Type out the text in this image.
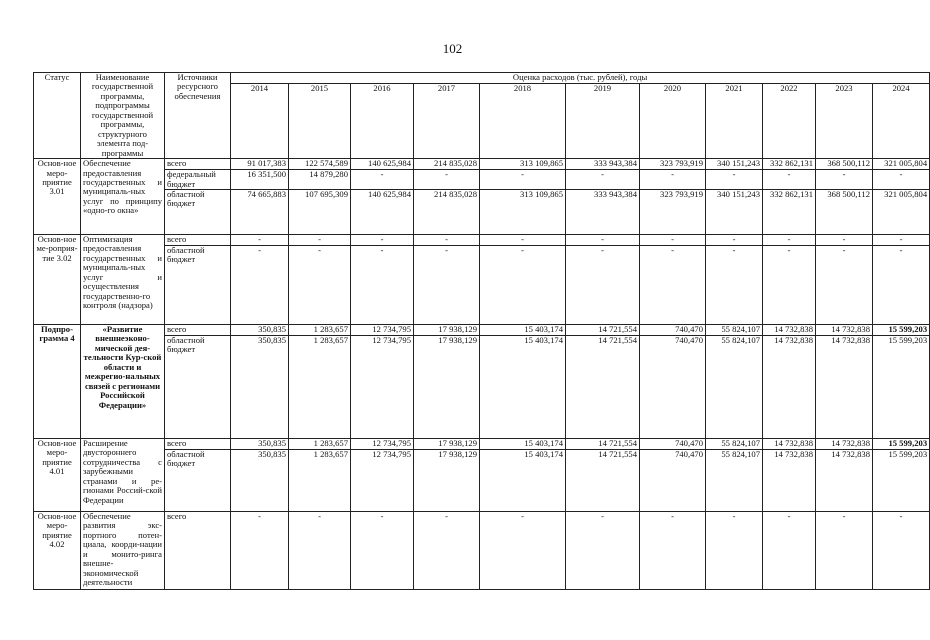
102
Статус	Наименование государственной программы, подпрограммы государственной программы, структурного элемента под-программы	Источники ресурсного обеспечения	Оценка расходов (тыс. рублей), годы										
			2014	2015	2016	2017	2018	2019	2020	2021	2022	2023	2024
Основ-ное меро-приятие 3.01	Обеспечение предоставления государственных и муниципаль-ных услуг по принципу «одно-го окна»	всего	91 017,383	122 574,589	140 625,984	214 835,028	313 109,865	333 943,384	323 793,919	340 151,243	332 862,131	368 500,112	321 005,804
		федеральный бюджет	16 351,500	14 879,280	-	-	-	-	-	-	-	-	-
		областной бюджет	74 665,883	107 695,309	140 625,984	214 835,028	313 109,865	333 943,384	323 793,919	340 151,243	332 862,131	368 500,112	321 005,804
Основ-ное ме-роприя-тие 3.02	Оптимизация предоставления государственных и муниципаль-ных услуг и осуществления государственно-го контроля (надзора)	всего	-	-	-	-	-	-	-	-	-	-	-
		областной бюджет	-	-	-	-	-	-	-	-	-	-	-
Подпро-грамма 4	«Развитие внешнеэконо-мической дея-тельности Кур-ской области и межрегио-нальных связей с регионами Российской Федерации»	всего	350,835	1 283,657	12 734,795	17 938,129	15 403,174	14 721,554	740,470	55 824,107	14 732,838	14 732,838	15 599,203
		областной бюджет	350,835	1 283,657	12 734,795	17 938,129	15 403,174	14 721,554	740,470	55 824,107	14 732,838	14 732,838	15 599,203
Основ-ное меро-приятие 4.01	Расширение двустороннего сотрудничества с зарубежными странами и ре-гионами Россий-ской Федерации	всего	350,835	1 283,657	12 734,795	17 938,129	15 403,174	14 721,554	740,470	55 824,107	14 732,838	14 732,838	15 599,203
		областной бюджет	350,835	1 283,657	12 734,795	17 938,129	15 403,174	14 721,554	740,470	55 824,107	14 732,838	14 732,838	15 599,203
Основ-ное меро-приятие 4.02	Обеспечение развития экс-портного потен-циала, коорди-нации и монито-ринга внешне-экономической деятельности	всего	-	-	-	-	-	-	-	-	-	-	-
